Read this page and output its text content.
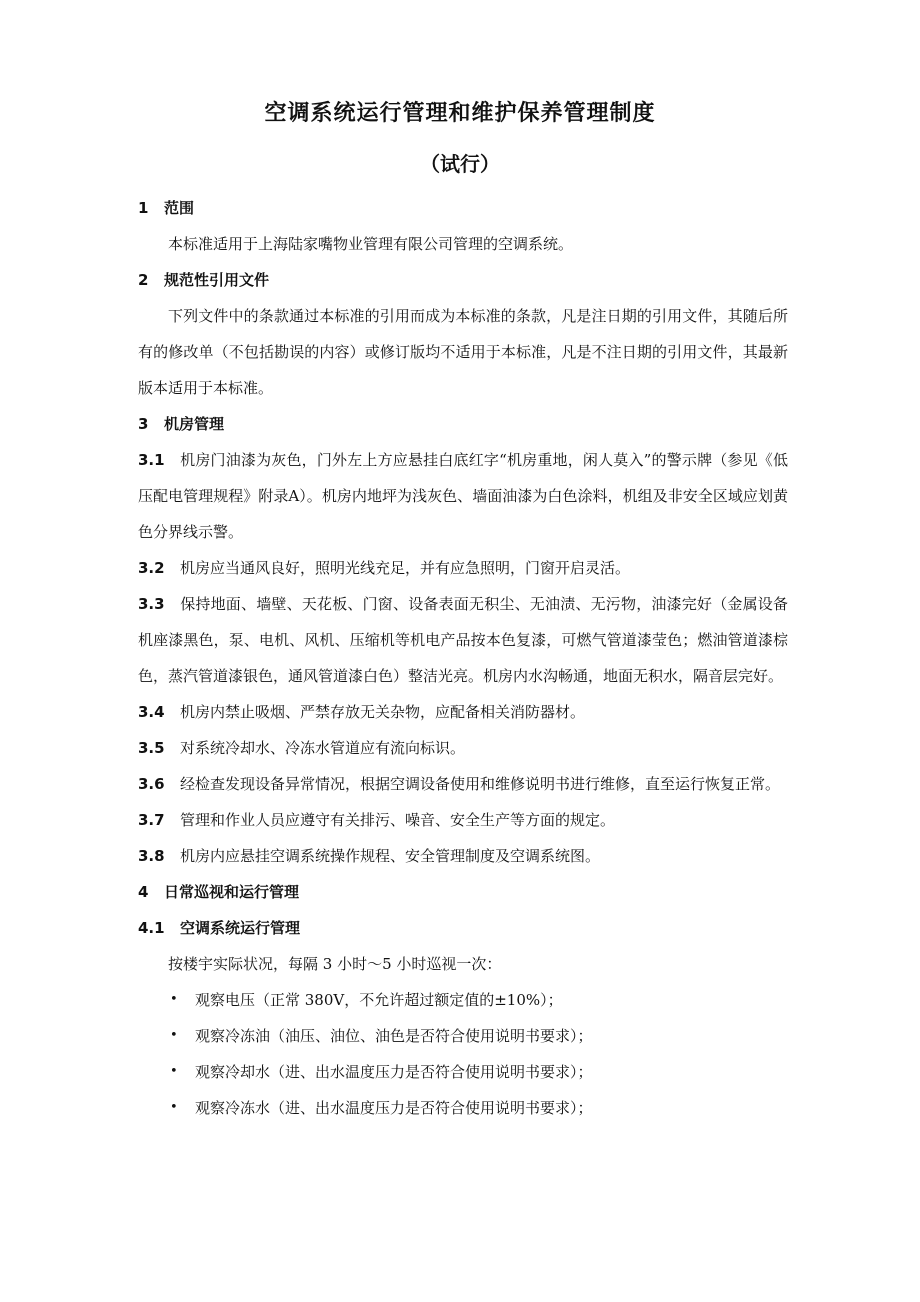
空调系统运行管理和维护保养管理制度
（试行）
1 范围

本标准适用于上海陆家嘴物业管理有限公司管理的空调系统。

2 规范性引用文件

下列文件中的条款通过本标准的引用而成为本标准的条款，凡是注日期的引用文件，其随后所有的修改单（不包括勘误的内容）或修订版均不适用于本标准，凡是不注日期的引用文件，其最新版本适用于本标准。

3 机房管理

3.1 机房门油漆为灰色，门外左上方应悬挂白底红字“机房重地，闲人莫入”的警示牌（参见《低压配电管理规程》附录A）。机房内地坪为浅灰色、墙面油漆为白色涂料，机组及非安全区域应划黄色分界线示警。

3.2 机房应当通风良好，照明光线充足，并有应急照明，门窗开启灵活。

3.3 保持地面、墙壁、天花板、门窗、设备表面无积尘、无油渍、无污物，油漆完好（金属设备机座漆黑色，泵、电机、风机、压缩机等机电产品按本色复漆，可燃气管道漆莹色；燃油管道漆棕色，蒸汽管道漆银色，通风管道漆白色）整洁光亮。机房内水沟畅通，地面无积水，隔音层完好。

3.4 机房内禁止吸烟、严禁存放无关杂物，应配备相关消防器材。

3.5 对系统冷却水、冷冻水管道应有流向标识。

3.6 经检查发现设备异常情况，根据空调设备使用和维修说明书进行维修，直至运行恢复正常。

3.7 管理和作业人员应遵守有关排污、噪音、安全生产等方面的规定。

3.8 机房内应悬挂空调系统操作规程、安全管理制度及空调系统图。

4 日常巡视和运行管理
4.1 空调系统运行管理

按楼宇实际状况，每隔 3 小时～5 小时巡视一次：

• 观察电压（正常 380V，不允许超过额定值的±10%）；
• 观察冷冻油（油压、油位、油色是否符合使用说明书要求）；
• 观察冷却水（进、出水温度压力是否符合使用说明书要求）；
• 观察冷冻水（进、出水温度压力是否符合使用说明书要求）；
